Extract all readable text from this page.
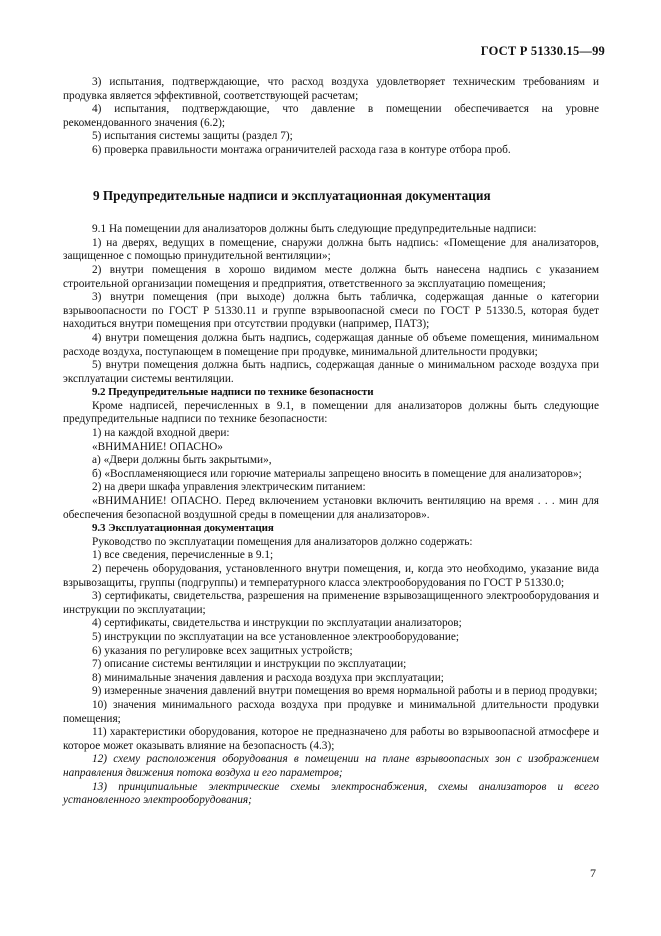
ГОСТ Р 51330.15—99

3) испытания, подтверждающие, что расход воздуха удовлетворяет техническим требованиям и продувка является эффективной, соответствующей расчетам;

4) испытания, подтверждающие, что давление в помещении обеспечивается на уровне рекомендованного значения (6.2);

5) испытания системы защиты (раздел 7);

6) проверка правильности монтажа ограничителей расхода газа в контуре отбора проб.

9 Предупредительные надписи и эксплуатационная документация

9.1 На помещении для анализаторов должны быть следующие предупредительные надписи:

1) на дверях, ведущих в помещение, снаружи должна быть надпись: «Помещение для анализаторов, защищенное с помощью принудительной вентиляции»;

2) внутри помещения в хорошо видимом месте должна быть нанесена надпись с указанием строительной организации помещения и предприятия, ответственного за эксплуатацию помещения;

3) внутри помещения (при выходе) должна быть табличка, содержащая данные о категории взрывоопасности по ГОСТ Р 51330.11 и группе взрывоопасной смеси по ГОСТ Р 51330.5, которая будет находиться внутри помещения при отсутствии продувки (например, ПАТЗ);

4) внутри помещения должна быть надпись, содержащая данные об объеме помещения, минимальном расходе воздуха, поступающем в помещение при продувке, минимальной длительности продувки;

5) внутри помещения должна быть надпись, содержащая данные о минимальном расходе воздуха при эксплуатации системы вентиляции.

9.2 Предупредительные надписи по технике безопасности

Кроме надписей, перечисленных в 9.1, в помещении для анализаторов должны быть следующие предупредительные надписи по технике безопасности:

1) на каждой входной двери:

«ВНИМАНИЕ! ОПАСНО»

а) «Двери должны быть закрытыми»,

б) «Воспламеняющиеся или горючие материалы запрещено вносить в помещение для анализаторов»;

2) на двери шкафа управления электрическим питанием:

«ВНИМАНИЕ! ОПАСНО. Перед включением установки включить вентиляцию на время . . . мин для обеспечения безопасной воздушной среды в помещении для анализаторов».

9.3 Эксплуатационная документация

Руководство по эксплуатации помещения для анализаторов должно содержать:

1) все сведения, перечисленные в 9.1;

2) перечень оборудования, установленного внутри помещения, и, когда это необходимо, указание вида взрывозащиты, группы (подгруппы) и температурного класса электрооборудования по ГОСТ Р 51330.0;

3) сертификаты, свидетельства, разрешения на применение взрывозащищенного электрооборудования и инструкции по эксплуатации;

4) сертификаты, свидетельства и инструкции по эксплуатации анализаторов;

5) инструкции по эксплуатации на все установленное электрооборудование;

6) указания по регулировке всех защитных устройств;

7) описание системы вентиляции и инструкции по эксплуатации;

8) минимальные значения давления и расхода воздуха при эксплуатации;

9) измеренные значения давлений внутри помещения во время нормальной работы и в период продувки;

10) значения минимального расхода воздуха при продувке и минимальной длительности продувки помещения;

11) характеристики оборудования, которое не предназначено для работы во взрывоопасной атмосфере и которое может оказывать влияние на безопасность (4.3);

12) схему расположения оборудования в помещении на плане взрывоопасных зон с изображением направления движения потока воздуха и его параметров;

13) принципиальные электрические схемы электроснабжения, схемы анализаторов и всего установленного электрооборудования;

7
